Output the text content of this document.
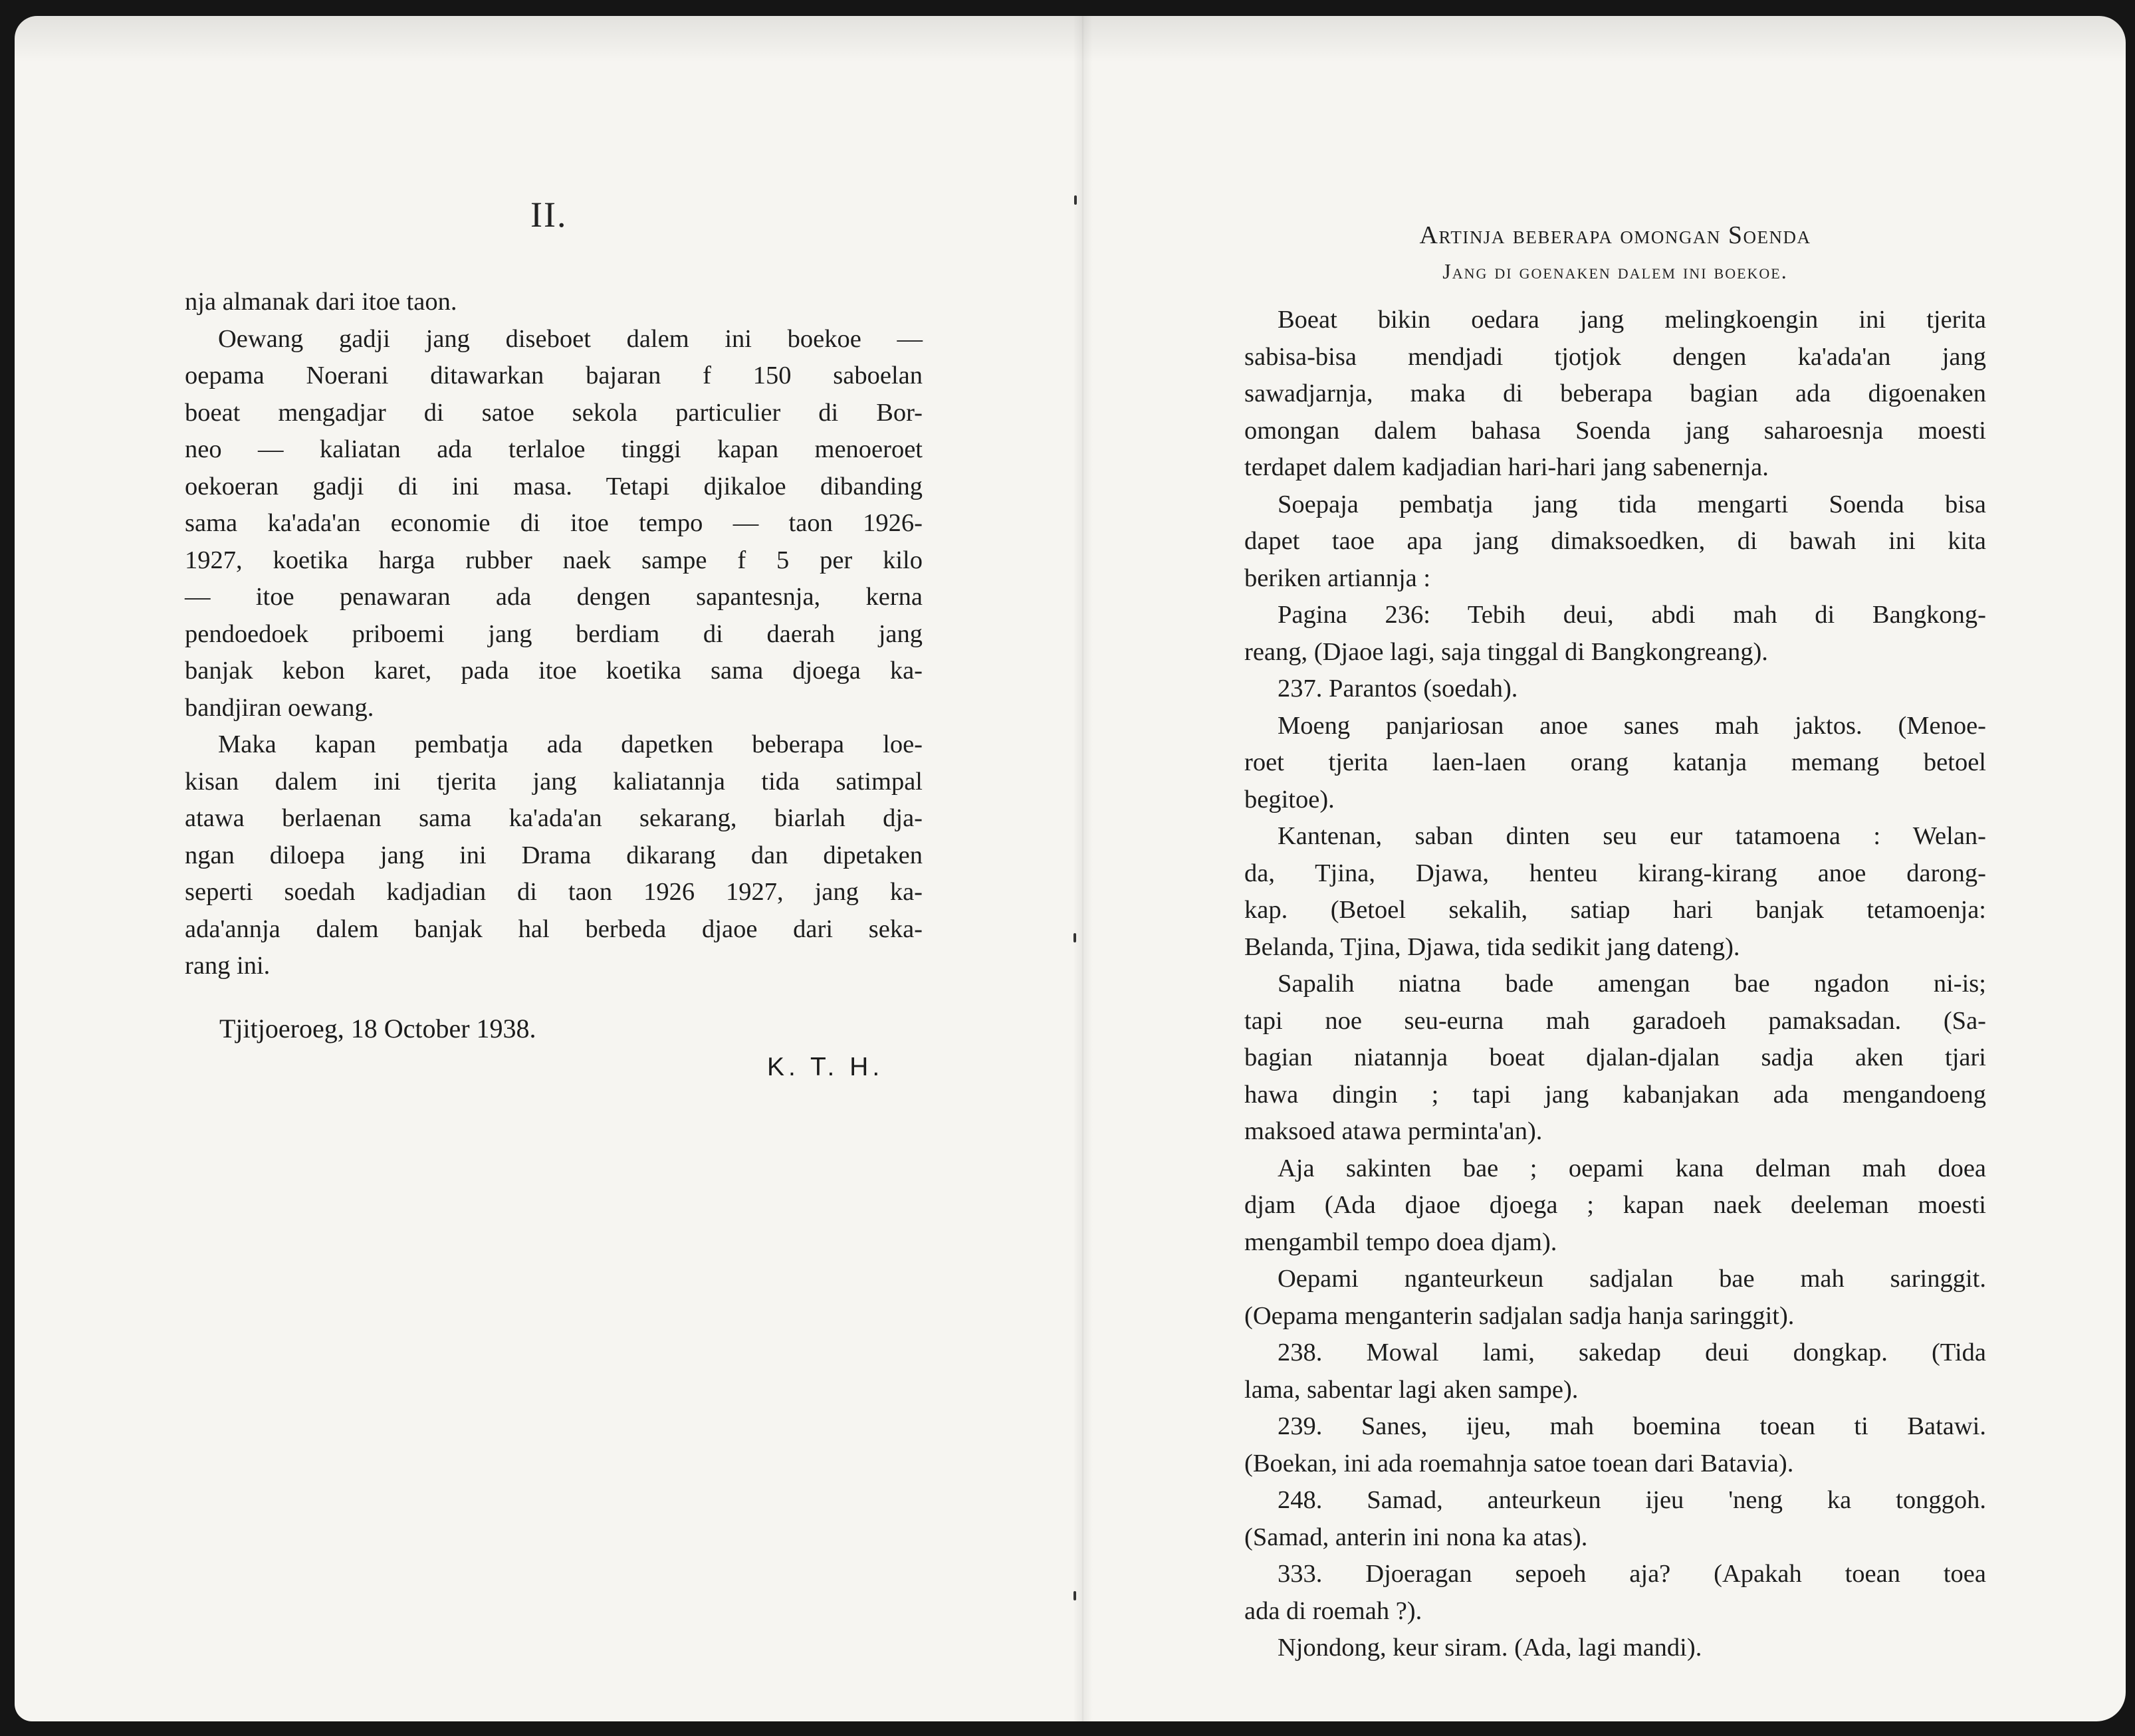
II.
nja almanak dari itoe taon.
Oewang gadji jang diseboet dalem ini boekoe —
oepama Noerani ditawarkan bajaran f 150 saboelan
boeat mengadjar di satoe sekola particulier di Bor-
neo — kaliatan ada terlaloe tinggi kapan menoeroet
oekoeran gadji di ini masa. Tetapi djikaloe dibanding
sama ka'ada'an economie di itoe tempo — taon 1926-
1927, koetika harga rubber naek sampe f 5 per kilo
— itoe penawaran ada dengen sapantesnja, kerna
pendoedoek priboemi jang berdiam di daerah jang
banjak kebon karet, pada itoe koetika sama djoega ka-
bandjiran oewang.
Maka kapan pembatja ada dapetken beberapa loe-
kisan dalem ini tjerita jang kaliatannja tida satimpal
atawa berlaenan sama ka'ada'an sekarang, biarlah dja-
ngan diloepa jang ini Drama dikarang dan dipetaken
seperti soedah kadjadian di taon 1926 1927, jang ka-
ada'annja dalem banjak hal berbeda djaoe dari seka-
rang ini.
Tjitjoeroeg, 18 October 1938.
K. T. H.
Artinja beberapa omongan Soenda
Jang di goenaken dalem ini boekoe.
Boeat bikin oedara jang melingkoengin ini tjerita
sabisa-bisa mendjadi tjotjok dengen ka'ada'an jang
sawadjarnja, maka di beberapa bagian ada digoenaken
omongan dalem bahasa Soenda jang saharoesnja moesti
terdapet dalem kadjadian hari-hari jang sabenernja.
Soepaja pembatja jang tida mengarti Soenda bisa
dapet taoe apa jang dimaksoedken, di bawah ini kita
beriken artiannja :
Pagina 236: Tebih deui, abdi mah di Bangkong-
reang, (Djaoe lagi, saja tinggal di Bangkongreang).
237. Parantos (soedah).
Moeng panjariosan anoe sanes mah jaktos. (Menoe-
roet tjerita laen-laen orang katanja memang betoel
begitoe).
Kantenan, saban dinten seu eur tatamoena : Welan-
da, Tjina, Djawa, henteu kirang-kirang anoe darong-
kap. (Betoel sekalih, satiap hari banjak tetamoenja:
Belanda, Tjina, Djawa, tida sedikit jang dateng).
Sapalih niatna bade amengan bae ngadon ni-is;
tapi noe seu-eurna mah garadoeh pamaksadan. (Sa-
bagian niatannja boeat djalan-djalan sadja aken tjari
hawa dingin ; tapi jang kabanjakan ada mengandoeng
maksoed atawa perminta'an).
Aja sakinten bae ; oepami kana delman mah doea
djam (Ada djaoe djoega ; kapan naek deeleman moesti
mengambil tempo doea djam).
Oepami nganteurkeun sadjalan bae mah saringgit.
(Oepama menganterin sadjalan sadja hanja saringgit).
238. Mowal lami, sakedap deui dongkap. (Tida
lama, sabentar lagi aken sampe).
239. Sanes, ijeu, mah boemina toean ti Batawi.
(Boekan, ini ada roemahnja satoe toean dari Batavia).
248. Samad, anteurkeun ijeu 'neng ka tonggoh.
(Samad, anterin ini nona ka atas).
333. Djoeragan sepoeh aja? (Apakah toean toea
ada di roemah ?).
Njondong, keur siram. (Ada, lagi mandi).
